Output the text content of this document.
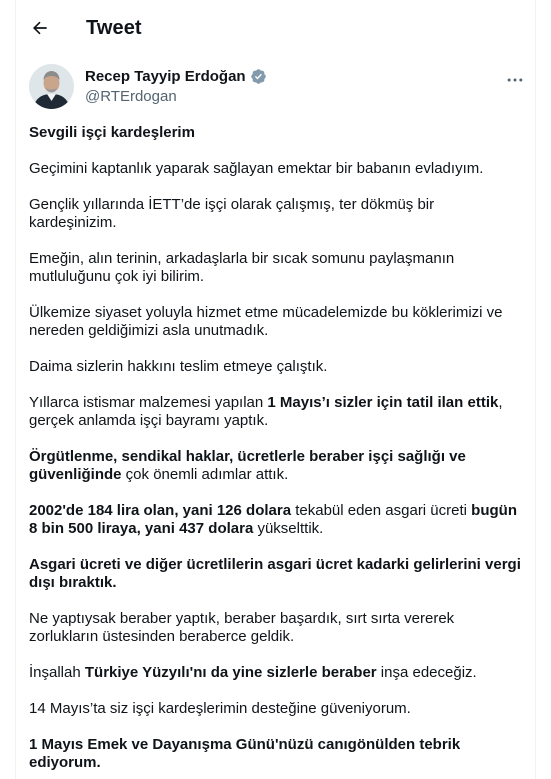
Tweet
Recep Tayyip Erdoğan
@RTErdogan

Sevgili işçi kardeşlerim

Geçimini kaptanlık yaparak sağlayan emektar bir babanın evladıyım.

Gençlik yıllarında İETT’de işçi olarak çalışmış, ter dökmüş bir

kardeşinizim.

Emeğin, alın terinin, arkadaşlarla bir sıcak somunu paylaşmanın

mutluluğunu çok iyi bilirim.

Ülkemize siyaset yoluyla hizmet etme mücadelemizde bu köklerimizi ve

nereden geldiğimizi asla unutmadık.

Daima sizlerin hakkını teslim etmeye çalıştık.

Yıllarca istismar malzemesi yapılan 1 Mayıs’ı sizler için tatil ilan ettik,

gerçek anlamda işçi bayramı yaptık.

Örgütlenme, sendikal haklar, ücretlerle beraber işçi sağlığı ve

güvenliğinde çok önemli adımlar attık.

2002'de 184 lira olan, yani 126 dolara tekabül eden asgari ücreti bugün

8 bin 500 liraya, yani 437 dolara yükselttik.

Asgari ücreti ve diğer ücretlilerin asgari ücret kadarki gelirlerini vergi

dışı bıraktık.

Ne yaptıysak beraber yaptık, beraber başardık, sırt sırta vererek

zorlukların üstesinden beraberce geldik.

İnşallah Türkiye Yüzyılı'nı da yine sizlerle beraber inşa edeceğiz.

14 Mayıs’ta siz işçi kardeşlerimin desteğine güveniyorum.

1 Mayıs Emek ve Dayanışma Günü'nüzü canıgönülden tebrik

ediyorum.
